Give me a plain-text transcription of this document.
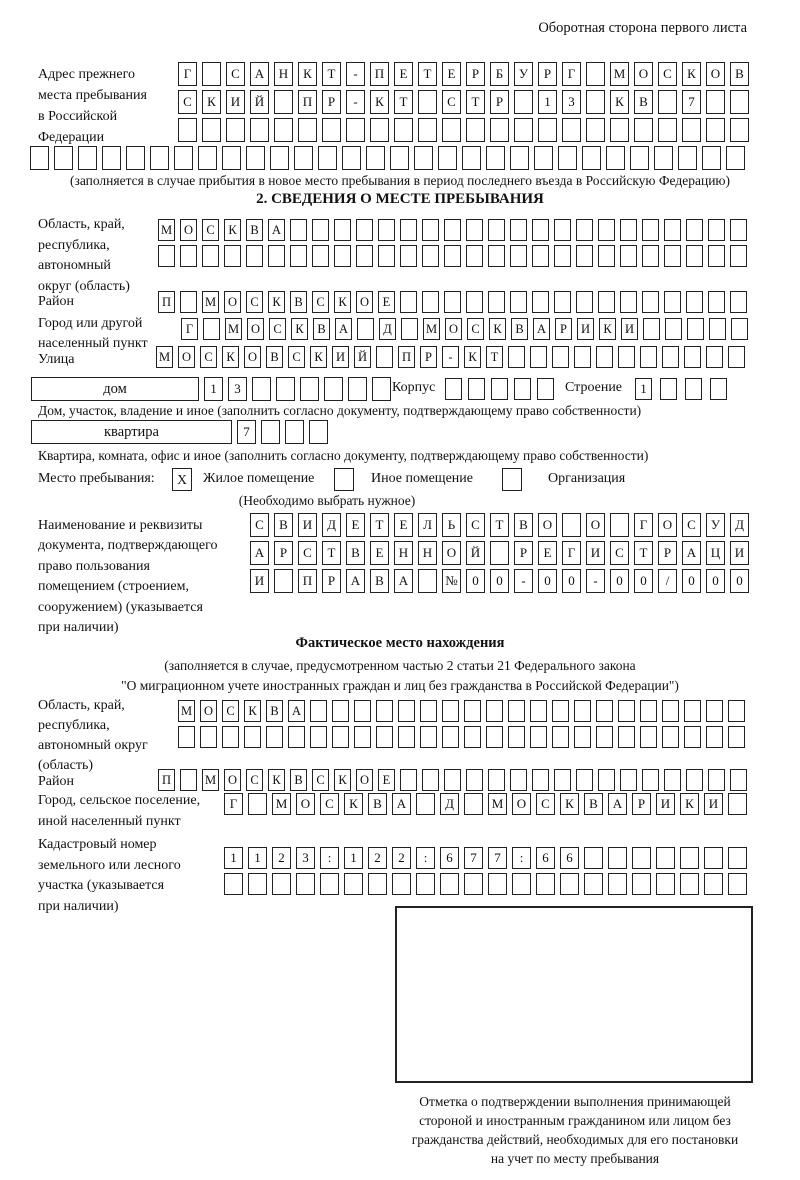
Оборотная сторона первого листа
Адрес прежнего
места пребывания
в Российской
Федерации
Г	С	А	Н	К	Т	-	П	Е	Т	Е	Р	Б	У	Р	Г	М	О	С	К	О	В
С	К	И	Й	П	Р	-	К	Т	С	Т	Р	1	3	К	В	7
(заполняется в случае прибытия в новое место пребывания в период последнего въезда в Российскую Федерацию)
2. СВЕДЕНИЯ О МЕСТЕ ПРЕБЫВАНИЯ
Область, край,
республика,
автономный
округ (область)
М О	С	К	В	А
Район	П	М О	С	К	В	С	К	О	Е
Город или другой
населенный пункт
Г	М О	С	К	В	А	Д	М О	С	К	В	А	Р	И	К	И
Улица	М О	С	К	О	В	С	К	И	Й	П	Р	-	К	Т
дом	1	3	Корпус	Строение	1
Дом, участок, владение и иное (заполнить согласно документу, подтверждающему право собственности)
квартира	7
Квартира, комната, офис и иное (заполнить согласно документу, подтверждающему право собственности)
Место пребывания:	X	Жилое помещение	Иное помещение	Организация
(Необходимо выбрать нужное)
Наименование и реквизиты
документа, подтверждающего
право пользования
помещением (строением,
сооружением) (указывается
при наличии)
С	В	И	Д	Е	Т	Е	Л	Ь	С	Т	В	О	О	Г	О	С	У	Д
А	Р	С	Т	В	Е	Н	Н	О	Й	Р	Е	Г	И	С	Т	Р	А	Ц	И
И	П	Р	А	В	А	№	0	0	-	0	0	-	0	0	/	0	0	0
Фактическое место нахождения
(заполняется в случае, предусмотренном частью 2 статьи 21 Федерального закона
"О миграционном учете иностранных граждан и лиц без гражданства в Российской Федерации")
Область, край,
республика,
автономный округ
(область)
М О	С	К	В	А
Район	П	М О	С	К	В	С	К	О	Е
Город, сельское поселение,
иной населенный пункт
Г	М	О	С	К	В	А	Д	М	О	С	К	В	А	Р	И	К	И
Кадастровый номер
земельного или лесного
участка (указывается
при наличии)
1	1	2	3	:	1	2	2	:	6	7	7	:	6	6
Отметка о подтверждении выполнения принимающей
стороной и иностранным гражданином или лицом без
гражданства действий, необходимых для его постановки
на учет по месту пребывания
